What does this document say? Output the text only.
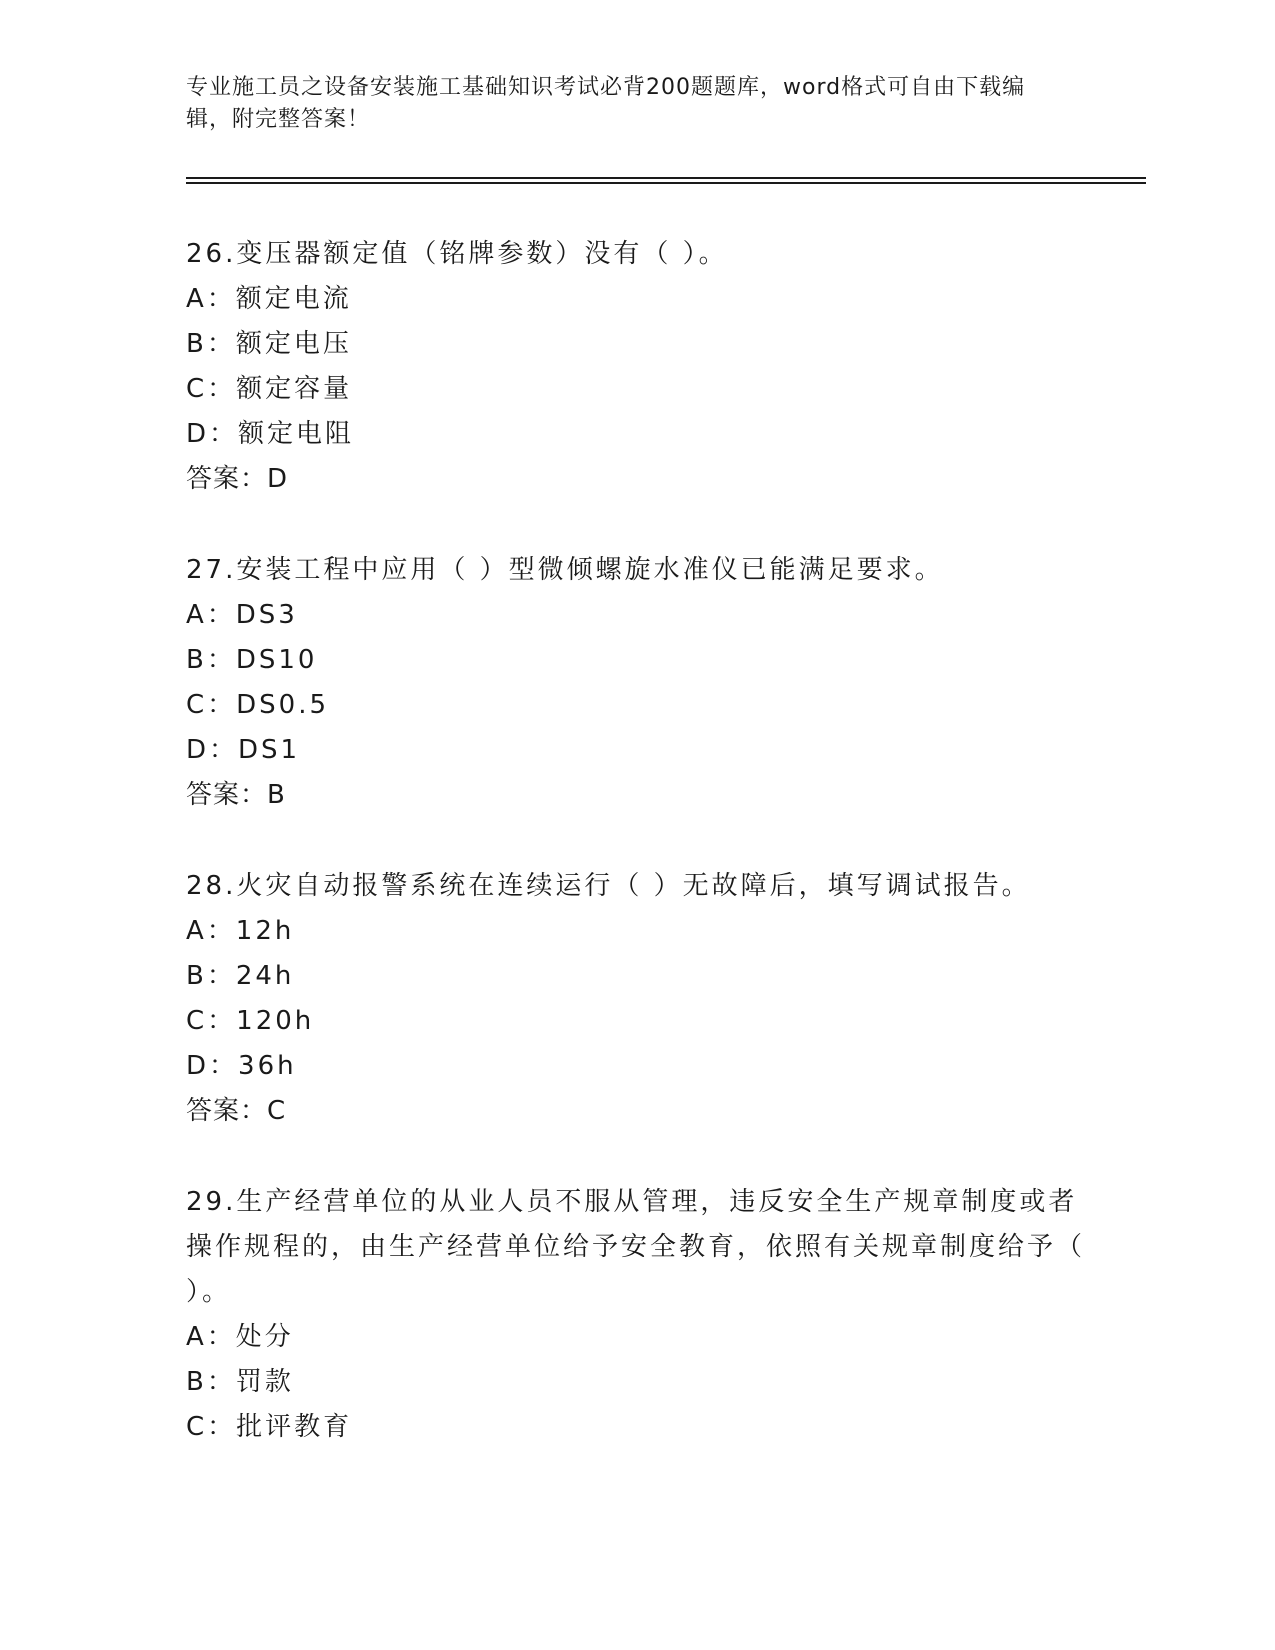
专业施工员之设备安装施工基础知识考试必背200题题库，word格式可自由下载编辑，附完整答案！
26.变压器额定值（铭牌参数）没有（ ）。
A：额定电流
B：额定电压
C：额定容量
D：额定电阻
答案：D
27.安装工程中应用（ ）型微倾螺旋水准仪已能满足要求。
A：DS3
B：DS10
C：DS0.5
D：DS1
答案：B
28.火灾自动报警系统在连续运行（ ）无故障后，填写调试报告。
A：12h
B：24h
C：120h
D：36h
答案：C
29.生产经营单位的从业人员不服从管理，违反安全生产规章制度或者操作规程的，由生产经营单位给予安全教育，依照有关规章制度给予（ ）。
A：处分
B：罚款
C：批评教育
